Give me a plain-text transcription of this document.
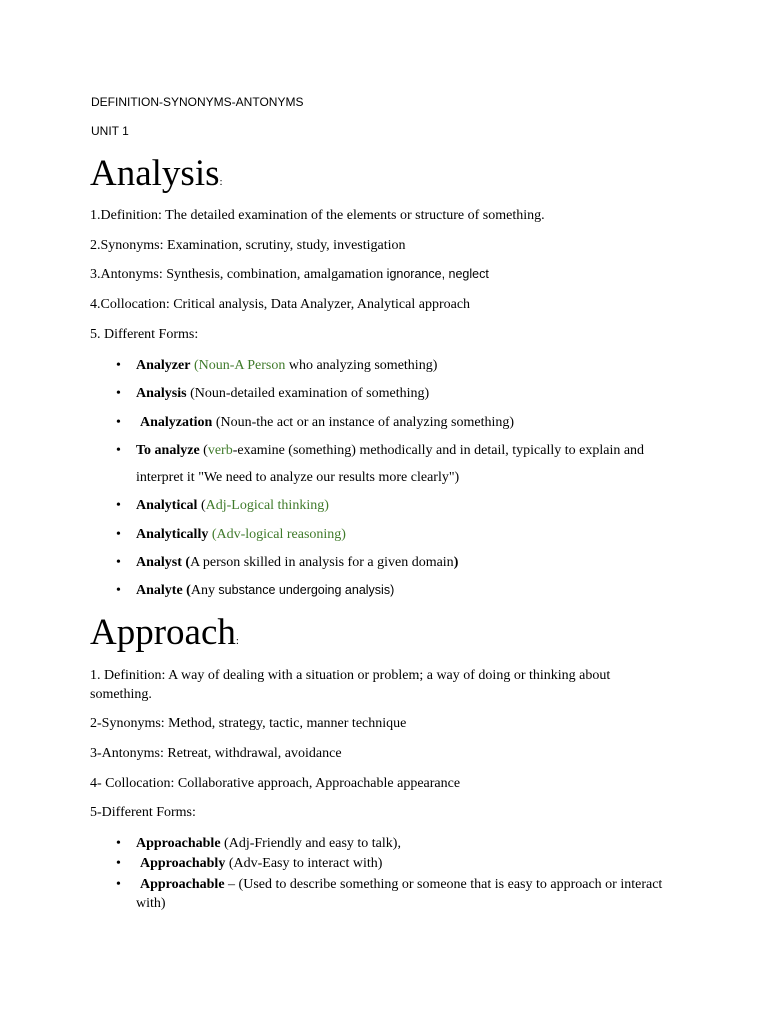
DEFINITION-SYNONYMS-ANTONYMS
UNIT 1
Analysis:
1.Definition: The detailed examination of the elements or structure of something.
2.Synonyms: Examination, scrutiny, study, investigation
3.Antonyms: Synthesis, combination, amalgamation ignorance, neglect
4.Collocation: Critical analysis, Data Analyzer, Analytical approach
5. Different Forms:
• Analyzer (Noun-A Person who analyzing something)
• Analysis (Noun-detailed examination of something)
• Analyzation (Noun-the act or an instance of analyzing something)
• To analyze (verb-examine (something) methodically and in detail, typically to explain and interpret it "We need to analyze our results more clearly")
• Analytical (Adj-Logical thinking)
• Analytically (Adv-logical reasoning)
• Analyst (A person skilled in analysis for a given domain)
• Analyte (Any substance undergoing analysis)
Approach:
1. Definition: A way of dealing with a situation or problem; a way of doing or thinking about something.
2-Synonyms: Method, strategy, tactic, manner technique
3-Antonyms: Retreat, withdrawal, avoidance
4- Collocation: Collaborative approach, Approachable appearance
5-Different Forms:
• Approachable (Adj-Friendly and easy to talk),
• Approachably (Adv-Easy to interact with)
• Approachable – (Used to describe something or someone that is easy to approach or interact with)
